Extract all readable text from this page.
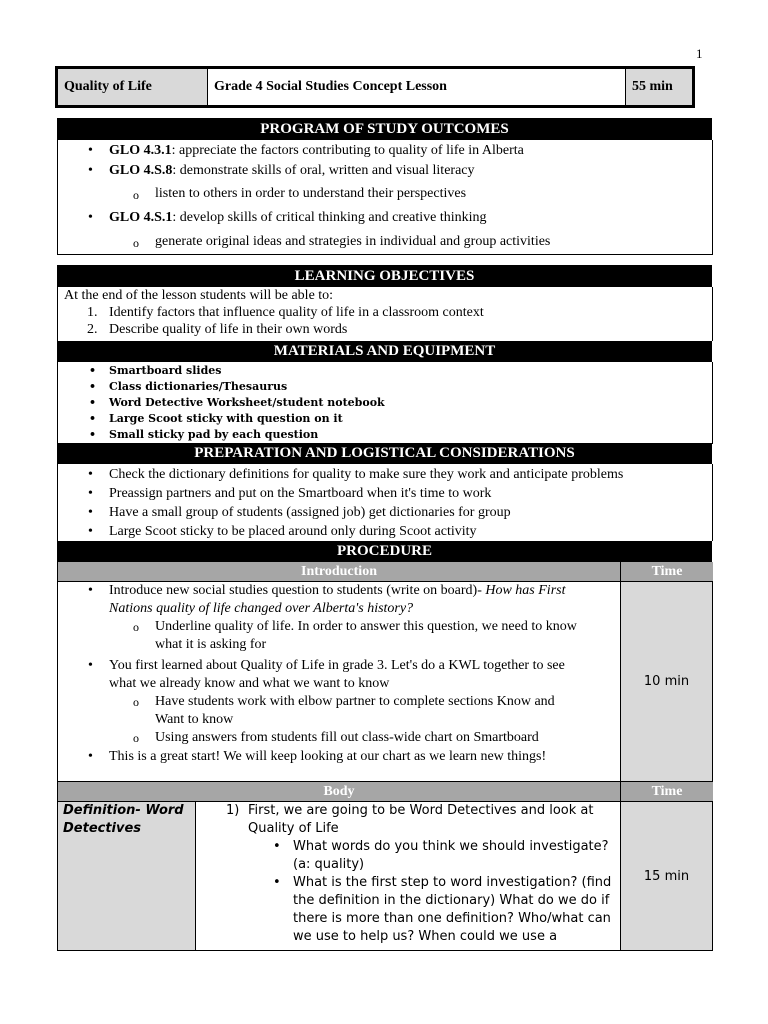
1
Quality of Life	Grade 4 Social Studies Concept Lesson	55 min
PROGRAM OF STUDY OUTCOMES
• GLO 4.3.1: appreciate the factors contributing to quality of life in Alberta
• GLO 4.S.8: demonstrate skills of oral, written and visual literacy
o listen to others in order to understand their perspectives
• GLO 4.S.1: develop skills of critical thinking and creative thinking
o generate original ideas and strategies in individual and group activities
LEARNING OBJECTIVES
At the end of the lesson students will be able to:
1. Identify factors that influence quality of life in a classroom context
2. Describe quality of life in their own words
MATERIALS AND EQUIPMENT
• Smartboard slides
• Class dictionaries/Thesaurus
• Word Detective Worksheet/student notebook
• Large Scoot sticky with question on it
• Small sticky pad by each question
PREPARATION AND LOGISTICAL CONSIDERATIONS
• Check the dictionary definitions for quality to make sure they work and anticipate problems
• Preassign partners and put on the Smartboard when it's time to work
• Have a small group of students (assigned job) get dictionaries for group
• Large Scoot sticky to be placed around only during Scoot activity
PROCEDURE
Introduction	Time
• Introduce new social studies question to students (write on board)- How has First
Nations quality of life changed over Alberta's history?
o Underline quality of life. In order to answer this question, we need to know
what it is asking for
• You first learned about Quality of Life in grade 3. Let's do a KWL together to see
what we already know and what we want to know
o Have students work with elbow partner to complete sections Know and
Want to know
o Using answers from students fill out class-wide chart on Smartboard
• This is a great start! We will keep looking at our chart as we learn new things!
10 min
Body	Time
Definition- Word
Detectives
1) First, we are going to be Word Detectives and look at
Quality of Life
• What words do you think we should investigate?
(a: quality)
• What is the first step to word investigation? (find
the definition in the dictionary) What do we do if
there is more than one definition? Who/what can
we use to help us? When could we use a
15 min
